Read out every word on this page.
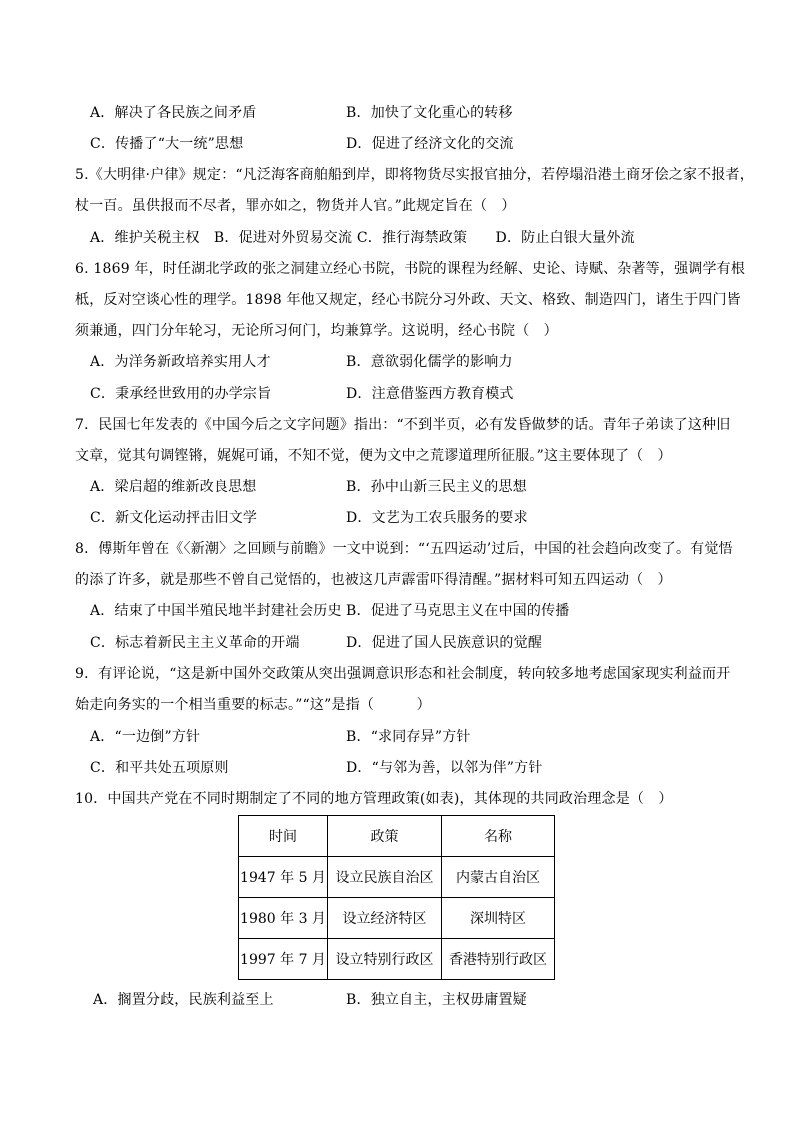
A．解决了各民族之间矛盾	B．加快了文化重心的转移
C．传播了“大一统”思想	D．促进了经济文化的交流
5.《大明律·户律》规定：“凡泛海客商舶船到岸，即将物货尽实报官抽分，若停塌沿港土商牙侩之家不报者，
杖一百。虽供报而不尽者，罪亦如之，物货并人官。”此规定旨在（　）
A．维护关税主权　B．促进对外贸易交流 C．推行海禁政策　　D．防止白银大量外流
6. 1869 年，时任湖北学政的张之洞建立经心书院，书院的课程为经解、史论、诗赋、杂著等，强调学有根
柢，反对空谈心性的理学。1898 年他又规定，经心书院分习外政、天文、格致、制造四门，诸生于四门皆
须兼通，四门分年轮习，无论所习何门，均兼算学。这说明，经心书院（　）
A．为洋务新政培养实用人才	B．意欲弱化儒学的影响力
C．秉承经世致用的办学宗旨	D．注意借鉴西方教育模式
7．民国七年发表的《中国今后之文字问题》指出：“不到半页，必有发昏做梦的话。青年子弟读了这种旧
文章，觉其句调铿锵，娓娓可诵，不知不觉，便为文中之荒谬道理所征服。”这主要体现了（　）
A．梁启超的维新改良思想	B．孙中山新三民主义的思想
C．新文化运动抨击旧文学	D．文艺为工农兵服务的要求
8．傅斯年曾在《〈新潮〉之回顾与前瞻》一文中说到：“‘五四运动’过后，中国的社会趋向改变了。有觉悟
的添了许多，就是那些不曾自己觉悟的，也被这几声霹雷吓得清醒。”据材料可知五四运动（　）
A．结束了中国半殖民地半封建社会历史 B．促进了马克思主义在中国的传播
C．标志着新民主主义革命的开端	D．促进了国人民族意识的觉醒
9．有评论说，“这是新中国外交政策从突出强调意识形态和社会制度，转向较多地考虑国家现实利益而开
始走向务实的一个相当重要的标志。”“这”是指（　　　）
A．“一边倒”方针	B．“求同存异”方针
C．和平共处五项原则	D．“与邻为善，以邻为伴”方针
10．中国共产党在不同时期制定了不同的地方管理政策(如表)，其体现的共同政治理念是（　）
时间	政策	名称
1947 年 5 月	设立民族自治区	内蒙古自治区
1980 年 3 月	设立经济特区	深圳特区
1997 年 7 月	设立特别行政区	香港特别行政区
A．搁置分歧，民族利益至上	B．独立自主，主权毋庸置疑
